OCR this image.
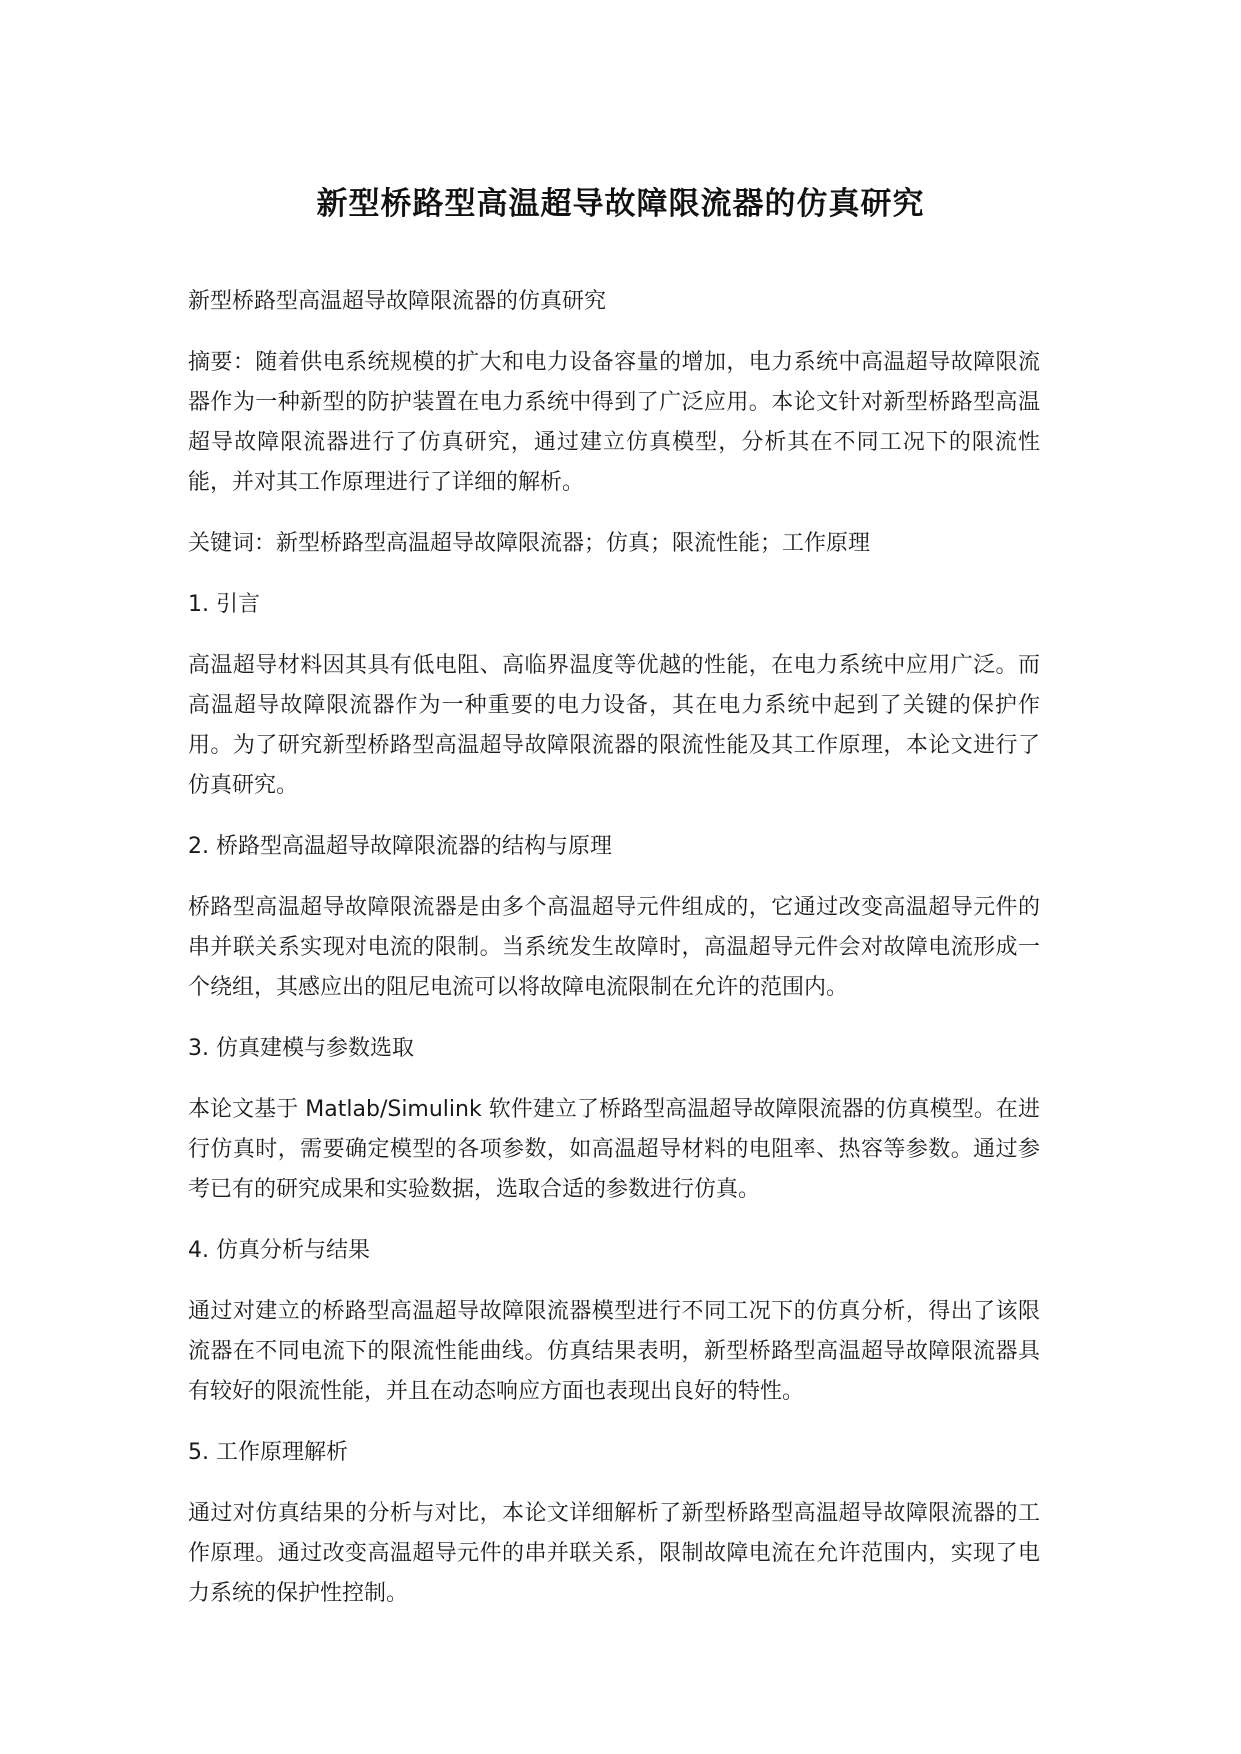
新型桥路型高温超导故障限流器的仿真研究

新型桥路型高温超导故障限流器的仿真研究

摘要：随着供电系统规模的扩大和电力设备容量的增加，电力系统中高温超导故障限流器作为一种新型的防护装置在电力系统中得到了广泛应用。本论文针对新型桥路型高温超导故障限流器进行了仿真研究，通过建立仿真模型，分析其在不同工况下的限流性能，并对其工作原理进行了详细的解析。

关键词：新型桥路型高温超导故障限流器；仿真；限流性能；工作原理

1. 引言

高温超导材料因其具有低电阻、高临界温度等优越的性能，在电力系统中应用广泛。而高温超导故障限流器作为一种重要的电力设备，其在电力系统中起到了关键的保护作用。为了研究新型桥路型高温超导故障限流器的限流性能及其工作原理，本论文进行了仿真研究。

2. 桥路型高温超导故障限流器的结构与原理

桥路型高温超导故障限流器是由多个高温超导元件组成的，它通过改变高温超导元件的串并联关系实现对电流的限制。当系统发生故障时，高温超导元件会对故障电流形成一个绕组，其感应出的阻尼电流可以将故障电流限制在允许的范围内。

3. 仿真建模与参数选取

本论文基于 Matlab/Simulink 软件建立了桥路型高温超导故障限流器的仿真模型。在进行仿真时，需要确定模型的各项参数，如高温超导材料的电阻率、热容等参数。通过参考已有的研究成果和实验数据，选取合适的参数进行仿真。

4. 仿真分析与结果

通过对建立的桥路型高温超导故障限流器模型进行不同工况下的仿真分析，得出了该限流器在不同电流下的限流性能曲线。仿真结果表明，新型桥路型高温超导故障限流器具有较好的限流性能，并且在动态响应方面也表现出良好的特性。

5. 工作原理解析

通过对仿真结果的分析与对比，本论文详细解析了新型桥路型高温超导故障限流器的工作原理。通过改变高温超导元件的串并联关系，限制故障电流在允许范围内，实现了电力系统的保护性控制。
